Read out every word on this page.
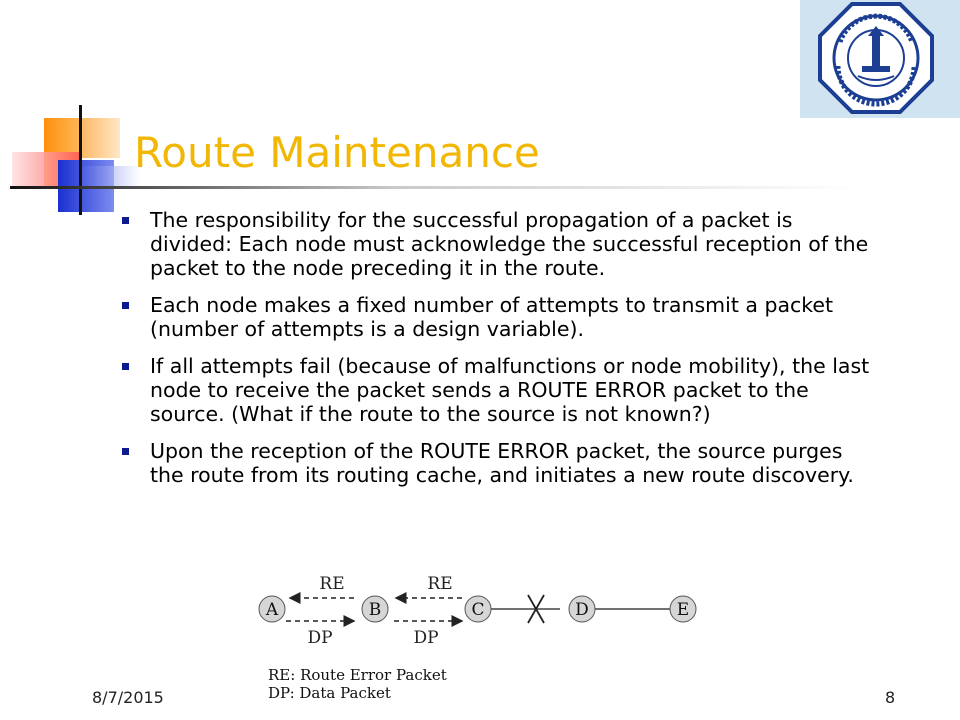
Route Maintenance
The responsibility for the successful propagation of a packet is divided: Each node must acknowledge the successful reception of the packet to the node preceding it in the route.
Each node makes a fixed number of attempts to transmit a packet (number of attempts is a design variable).
If all attempts fail (because of malfunctions or node mobility), the last node to receive the packet sends a ROUTE ERROR packet to the source. (What if the route to the source is not known?)
Upon the reception of the ROUTE ERROR packet, the source purges the route from its routing cache, and initiates a new route discovery.
RE	RE
DP	DP
A	B	C	D	E
RE: Route Error Packet
DP: Data Packet
8/7/2015	8
